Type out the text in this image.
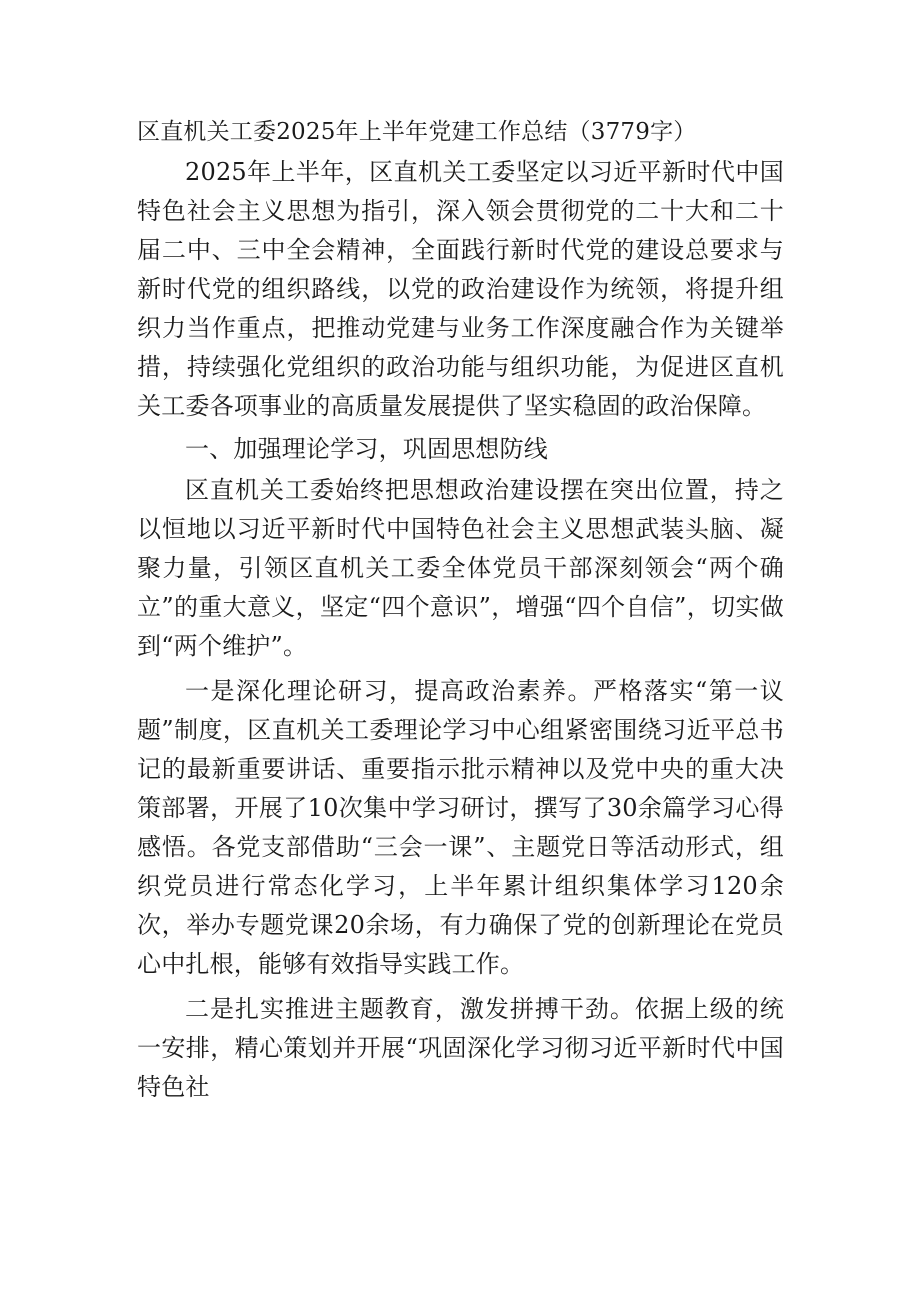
区直机关工委2025年上半年党建工作总结（3779字）

2025年上半年，区直机关工委坚定以习近平新时代中国特色社会主义思想为指引，深入领会贯彻党的二十大和二十届二中、三中全会精神，全面践行新时代党的建设总要求与新时代党的组织路线，以党的政治建设作为统领，将提升组织力当作重点，把推动党建与业务工作深度融合作为关键举措，持续强化党组织的政治功能与组织功能，为促进区直机关工委各项事业的高质量发展提供了坚实稳固的政治保障。

一、加强理论学习，巩固思想防线

区直机关工委始终把思想政治建设摆在突出位置，持之以恒地以习近平新时代中国特色社会主义思想武装头脑、凝聚力量，引领区直机关工委全体党员干部深刻领会“两个确立”的重大意义，坚定“四个意识”，增强“四个自信”，切实做到“两个维护”。

一是深化理论研习，提高政治素养。严格落实“第一议题”制度，区直机关工委理论学习中心组紧密围绕习近平总书记的最新重要讲话、重要指示批示精神以及党中央的重大决策部署，开展了10次集中学习研讨，撰写了30余篇学习心得感悟。各党支部借助“三会一课”、主题党日等活动形式，组织党员进行常态化学习，上半年累计组织集体学习120余次，举办专题党课20余场，有力确保了党的创新理论在党员心中扎根，能够有效指导实践工作。

二是扎实推进主题教育，激发拼搏干劲。依据上级的统一安排，精心策划并开展“巩固深化学习彻习近平新时代中国特色社
